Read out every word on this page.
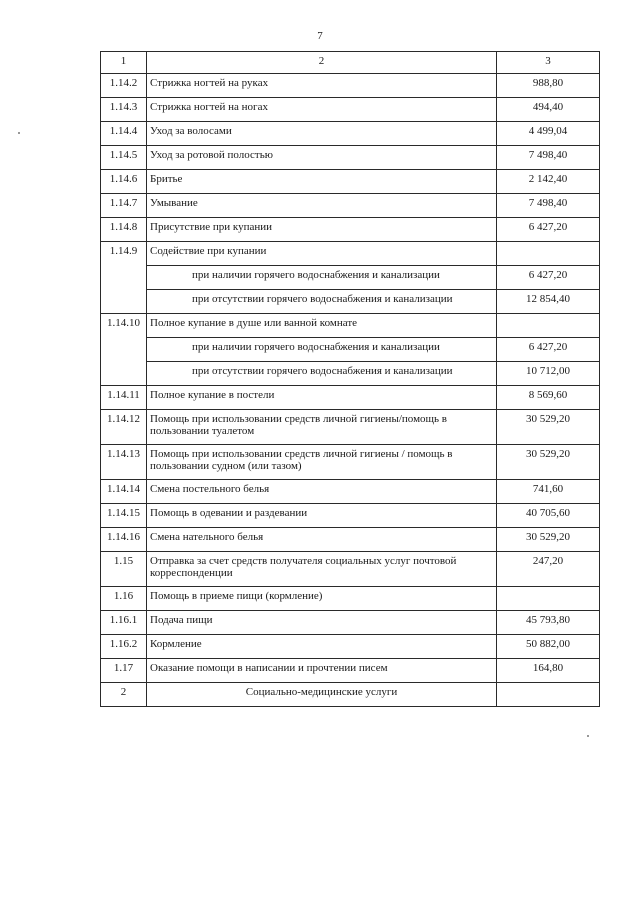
7
1	2	3
1.14.2	Стрижка ногтей на руках	988,80
1.14.3	Стрижка ногтей на ногах	494,40
1.14.4	Уход за волосами	4 499,04
1.14.5	Уход за ротовой полостью	7 498,40
1.14.6	Бритье	2 142,40
1.14.7	Умывание	7 498,40
1.14.8	Присутствие при купании	6 427,20
1.14.9	Содействие при купании	
	при наличии горячего водоснабжения и канализации	6 427,20
	при отсутствии горячего водоснабжения и канализации	12 854,40
1.14.10	Полное купание в душе или ванной комнате	
	при наличии горячего водоснабжения и канализации	6 427,20
	при отсутствии горячего водоснабжения и канализации	10 712,00
1.14.11	Полное купание в постели	8 569,60
1.14.12	Помощь при использовании средств личной гигиены/помощь в пользовании туалетом	30 529,20
1.14.13	Помощь при использовании средств личной гигиены / помощь в пользовании судном (или тазом)	30 529,20
1.14.14	Смена постельного белья	741,60
1.14.15	Помощь в одевании и раздевании	40 705,60
1.14.16	Смена нательного белья	30 529,20
1.15	Отправка за счет средств получателя социальных услуг почтовой корреспонденции	247,20
1.16	Помощь в приеме пищи (кормление)	
1.16.1	Подача пищи	45 793,80
1.16.2	Кормление	50 882,00
1.17	Оказание помощи в написании и прочтении писем	164,80
2	Социально-медицинские услуги	
